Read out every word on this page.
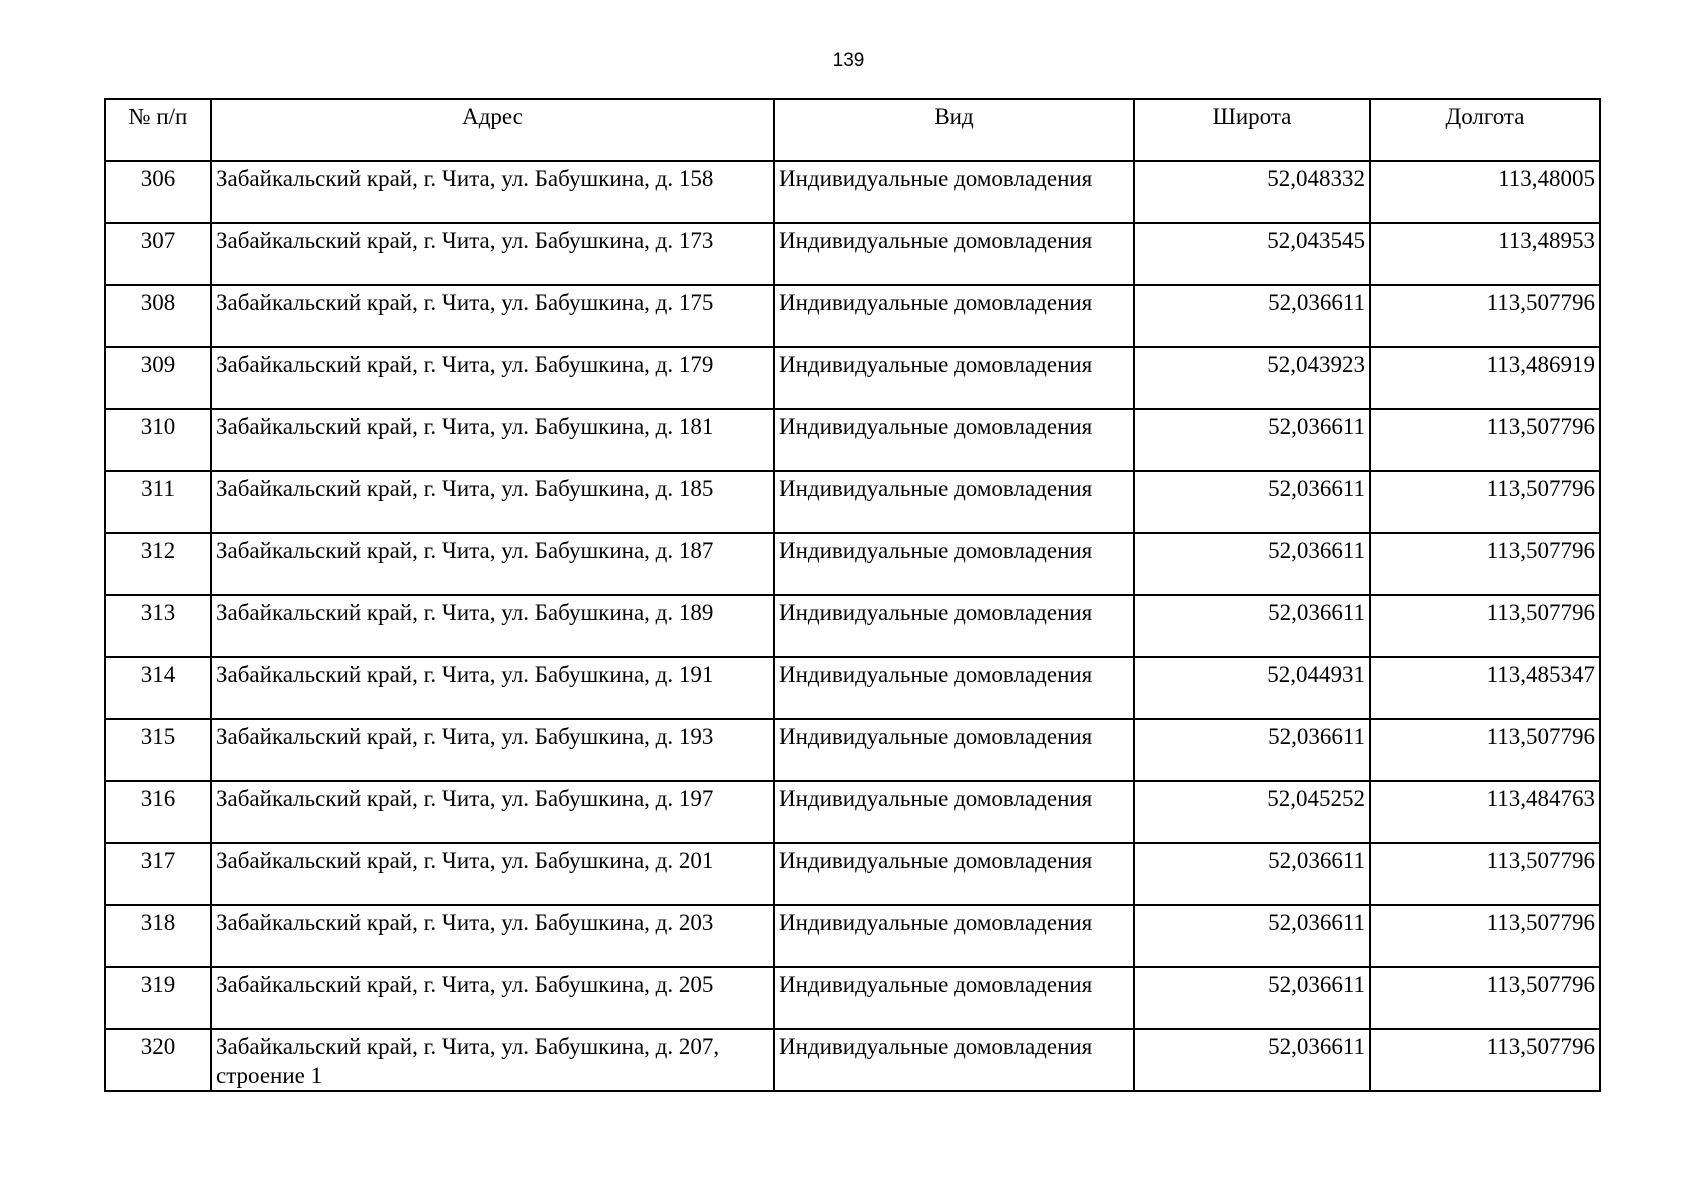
139
№ п/п	Адрес	Вид	Широта	Долгота
306	Забайкальский край, г. Чита, ул. Бабушкина, д. 158	Индивидуальные домовладения	52,048332	113,48005
307	Забайкальский край, г. Чита, ул. Бабушкина, д. 173	Индивидуальные домовладения	52,043545	113,48953
308	Забайкальский край, г. Чита, ул. Бабушкина, д. 175	Индивидуальные домовладения	52,036611	113,507796
309	Забайкальский край, г. Чита, ул. Бабушкина, д. 179	Индивидуальные домовладения	52,043923	113,486919
310	Забайкальский край, г. Чита, ул. Бабушкина, д. 181	Индивидуальные домовладения	52,036611	113,507796
311	Забайкальский край, г. Чита, ул. Бабушкина, д. 185	Индивидуальные домовладения	52,036611	113,507796
312	Забайкальский край, г. Чита, ул. Бабушкина, д. 187	Индивидуальные домовладения	52,036611	113,507796
313	Забайкальский край, г. Чита, ул. Бабушкина, д. 189	Индивидуальные домовладения	52,036611	113,507796
314	Забайкальский край, г. Чита, ул. Бабушкина, д. 191	Индивидуальные домовладения	52,044931	113,485347
315	Забайкальский край, г. Чита, ул. Бабушкина, д. 193	Индивидуальные домовладения	52,036611	113,507796
316	Забайкальский край, г. Чита, ул. Бабушкина, д. 197	Индивидуальные домовладения	52,045252	113,484763
317	Забайкальский край, г. Чита, ул. Бабушкина, д. 201	Индивидуальные домовладения	52,036611	113,507796
318	Забайкальский край, г. Чита, ул. Бабушкина, д. 203	Индивидуальные домовладения	52,036611	113,507796
319	Забайкальский край, г. Чита, ул. Бабушкина, д. 205	Индивидуальные домовладения	52,036611	113,507796
320	Забайкальский край, г. Чита, ул. Бабушкина, д. 207, строение 1	Индивидуальные домовладения	52,036611	113,507796
